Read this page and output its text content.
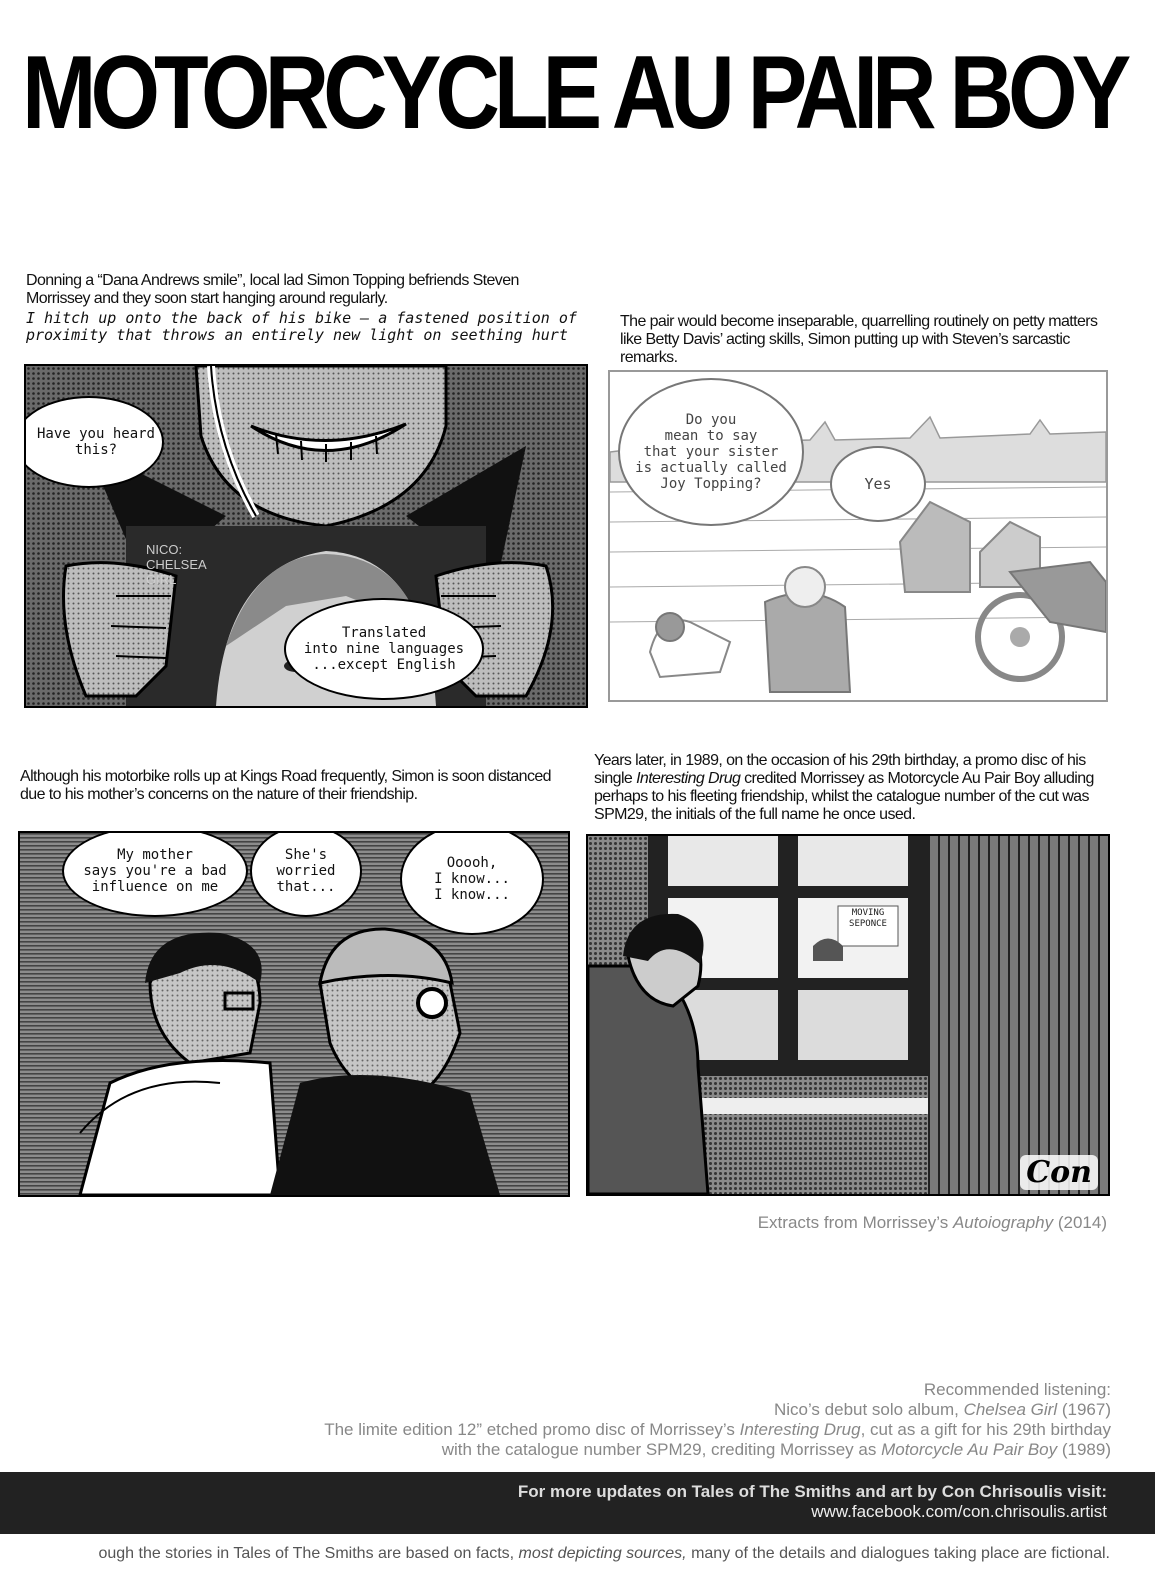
MOTORCYCLE AU PAIR BOY
Donning a “Dana Andrews smile”, local lad Simon Topping befriends Steven Morrissey and they soon start hanging around regularly.
I hitch up onto the back of his bike – a fastened position of proximity that throws an entirely new light on seething hurt
Have you heard this?
NICO: CHELSEA GIRL
Translated
into nine languages
...except English
The pair would become inseparable, quarrelling routinely on petty matters like Betty Davis’ acting skills, Simon putting up with Steven’s sarcastic remarks.
Do you
mean to say
that your sister
is actually called
Joy Topping?	Yes
Although his motorbike rolls up at Kings Road frequently, Simon is soon distanced due to his mother’s concerns on the nature of their friendship.
My mother
says you're a bad
influence on me
She's
worried
that...
Ooooh,
I know...
I know...
Years later, in 1989, on the occasion of his 29th birthday, a promo disc of his single Interesting Drug credited Morrissey as Motorcycle Au Pair Boy alluding perhaps to his fleeting friendship, whilst the catalogue number of the cut was SPM29, the initials of the full name he once used.
MOVING
SEPONCE
Con
Extracts from Morrissey’s Autoiography (2014)
Recommended listening:
Nico’s debut solo album, Chelsea Girl (1967)
The limite edition 12” etched promo disc of Morrissey’s Interesting Drug, cut as a gift for his 29th birthday
with the catalogue number SPM29, crediting Morrissey as Motorcycle Au Pair Boy (1989)
For more updates on Tales of The Smiths and art by Con Chrisoulis visit:
www.facebook.com/con.chrisoulis.artist
ough the stories in Tales of The Smiths are based on facts, most depicting sources, many of the details and dialogues taking place are fictional.
